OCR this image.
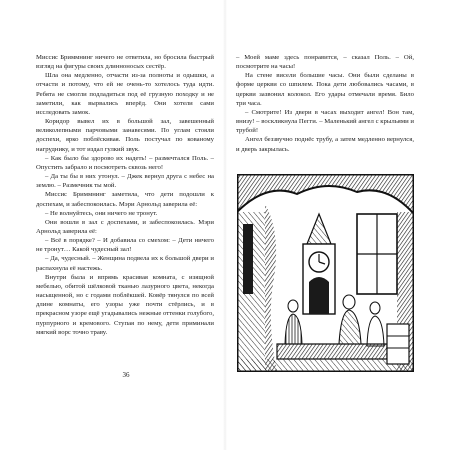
Миссис Бриммнинг ничего не ответила, но бросила быстрый взгляд на фигуры своих длинноносых сестёр.

Шла она медленно, отчасти из-за полноты и одышки, а отчасти и потому, что ей не очень-то хотелось туда идти. Ребята не смогли подладиться под её грузную походку и не заметили, как вырвались вперёд. Они хотели сами исследовать замок.

Коридор вывел их в большой зал, завешенный великолепными парчовыми занавесями. По углам стояли доспехи, ярко поблёскивая. Поль постучал по кованому нагруднику, и тот издал гулкий звук.

– Как было бы здорово их надеть! – размечтался Поль. – Опустить забрало и посмотреть сквозь него!

– Да ты бы в них утонул. – Джек вернул друга с небес на землю. – Размечник ты мой.

Миссис Бриммнинг заметила, что дети подошли к доспехам, и забеспокоилась. Мэри Арнольд заверила её:

– Не волнуйтесь, они ничего не тронут.

Они вошли в зал с доспехами, и забеспокоилась. Мэри Арнольд заверила её:

– Всё в порядке? – И добавила со смехом: – Дети ничего не тронут… Какой чудесный зал!

– Да, чудесный. – Женщина подвела их к большой двери и распахнула её настежь.

Внутри была и впрямь красивая комната, с изящной мебелью, обитой шёлковой тканью лазурного цвета, некогда насыщенной, но с годами поблёкшей. Ковёр тянулся по всей длине комнаты, его узоры уже почти стёрлись, и в прекрасном узоре ещё угадывались нежные оттенки голубого, пурпурного и кремового. Ступая по нему, дети приминали мягкий ворс точно траву.

36

– Моей маме здесь понравится, – сказал Поль. – Ой, посмотрите на часы!

На стене висели большие часы. Они были сделаны в форме церкви со шпилем. Пока дети любовались часами, в церкви зазвонил колокол. Его удары отмечали время. Било три часа.

– Смотрите! Из двери в часах выходит ангел! Вон там, внизу! – воскликнула Пегги. – Маленький ангел с крыльями и трубой!

Ангел беззвучно поднёс трубу, а затем медленно вернулся, и дверь закрылась.
